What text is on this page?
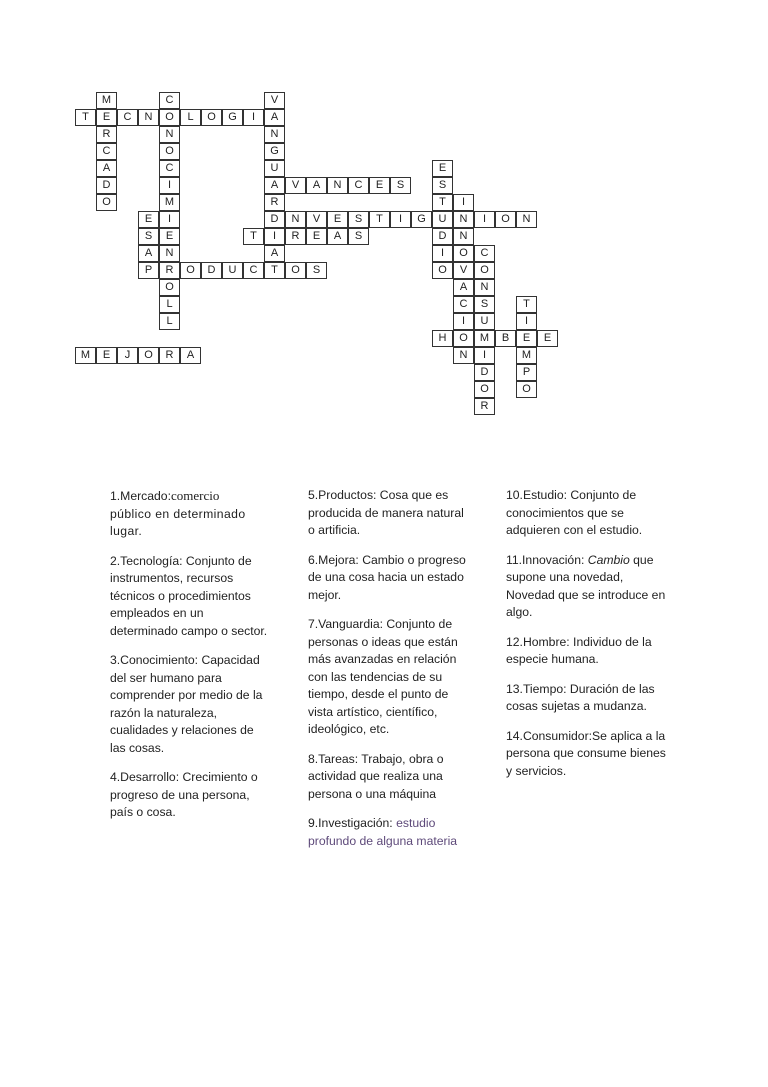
T	E	C	N	O	L	O	G	I	A
A	V	A	N	C	E	S
D	N	V	E	S	T	I	G	U	N	I	O	N
T	I	R	E	A	S
P	R	O	D	U	C	T	O	S
H	O	M	B	E	E
M	E	J	O	R	A
M
R
C
A
D
O
C
N
O
C
I
M
I
E
N
O
V
N
G
U
R
A
E
S
A
L
L
E
S
T
D
I
O
I
N
O
V
A
C
I
N
C
O
N
S
U
I
D
O
R
T
I
M
P
O

1.Mercado:comercio
público en determinado lugar.

2.Tecnología: Conjunto de instrumentos, recursos técnicos o procedimientos empleados en un determinado campo o sector.

3.Conocimiento: Capacidad del ser humano para comprender por medio de la razón la naturaleza, cualidades y relaciones de las cosas.

4.Desarrollo: Crecimiento o progreso de una persona, país o cosa.

5.Productos: Cosa que es producida de manera natural o artificia.

6.Mejora: Cambio o progreso de una cosa hacia un estado mejor.

7.Vanguardia: Conjunto de personas o ideas que están más avanzadas en relación con las tendencias de su tiempo, desde el punto de vista artístico, científico, ideológico, etc.

8.Tareas: Trabajo, obra o actividad que realiza una persona o una máquina

9.Investigación: estudio profundo de alguna materia

10.Estudio: Conjunto de conocimientos que se adquieren con el estudio.

11.Innovación: Cambio que supone una novedad, Novedad que se introduce en algo.

12.Hombre: Individuo de la especie humana.

13.Tiempo: Duración de las cosas sujetas a mudanza.

14.Consumidor:Se aplica a la persona que consume bienes y servicios.
